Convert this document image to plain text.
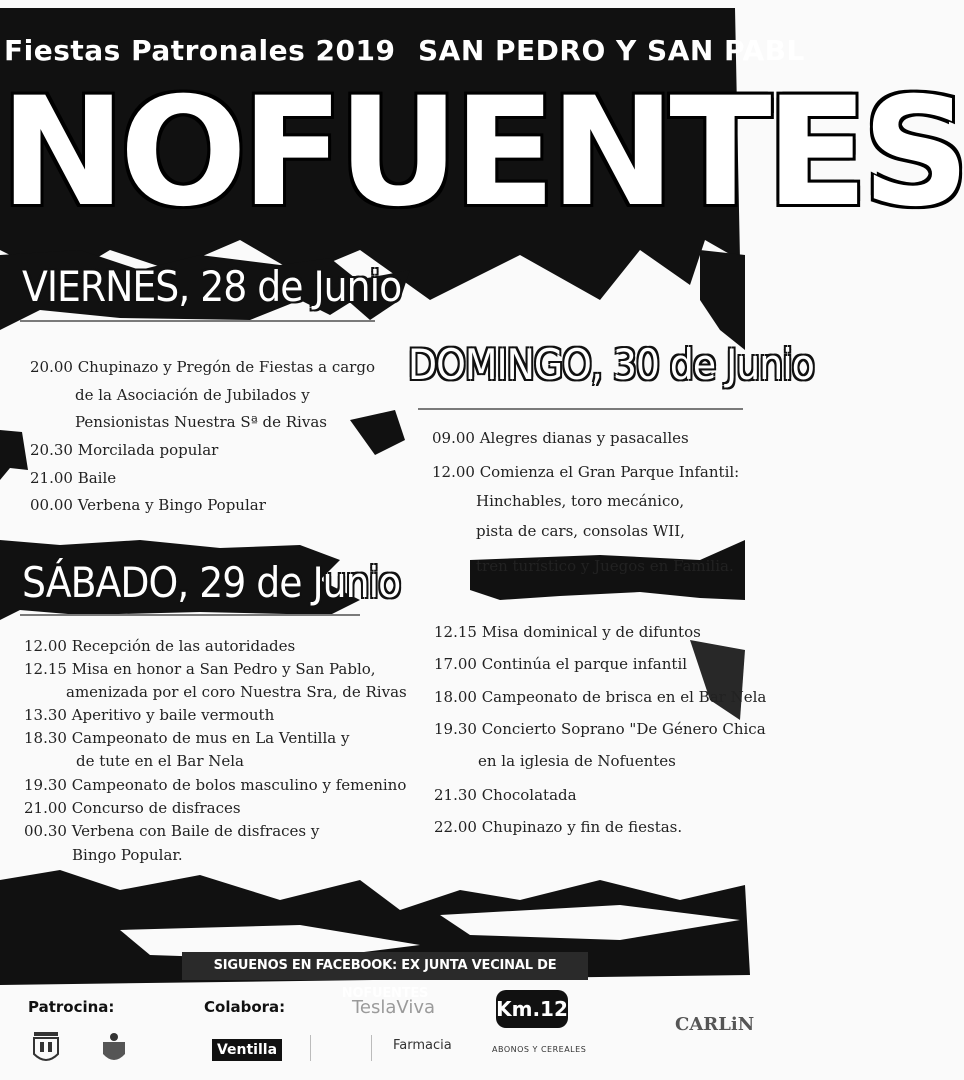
Fiestas Patronales 2019 SAN PEDRO Y SAN PABL
NOFUENTES
VIERNES, 28 de Junio
20.00 Chupinazo y Pregón de Fiestas a cargo
de la Asociación de Jubilados y
Pensionistas Nuestra Sª de Rivas
20.30 Morcilada popular
21.00 Baile
00.00 Verbena y Bingo Popular
DOMINGO, 30 de Junio
09.00 Alegres dianas y pasacalles
12.00 Comienza el Gran Parque Infantil:
Hinchables, toro mecánico,
pista de cars, consolas WII,
tren turístico y Juegos en Familia.
12.15 Misa dominical y de difuntos
17.00 Continúa el parque infantil
18.00 Campeonato de brisca en el Bar Nela
19.30 Concierto Soprano "De Género Chica
en la iglesia de Nofuentes
21.30 Chocolatada
22.00 Chupinazo y fin de fiestas.
SÁBADO, 29 de Junio
12.00 Recepción de las autoridades
12.15 Misa en honor a San Pedro y San Pablo,
amenizada por el coro Nuestra Sra, de Rivas
13.30 Aperitivo y baile vermouth
18.30 Campeonato de mus en La Ventilla y
de tute en el Bar Nela
19.30 Campeonato de bolos masculino y femenino
21.00 Concurso de disfraces
00.30 Verbena con Baile de disfraces y
Bingo Popular.
SIGUENOS EN FACEBOOK: EX JUNTA VECINAL DE NOFUENTES
Patrocina:	Colabora:
Ventilla
TeslaViva
Farmacia
Km.12
ABONOS Y CEREALES
CARLiN
